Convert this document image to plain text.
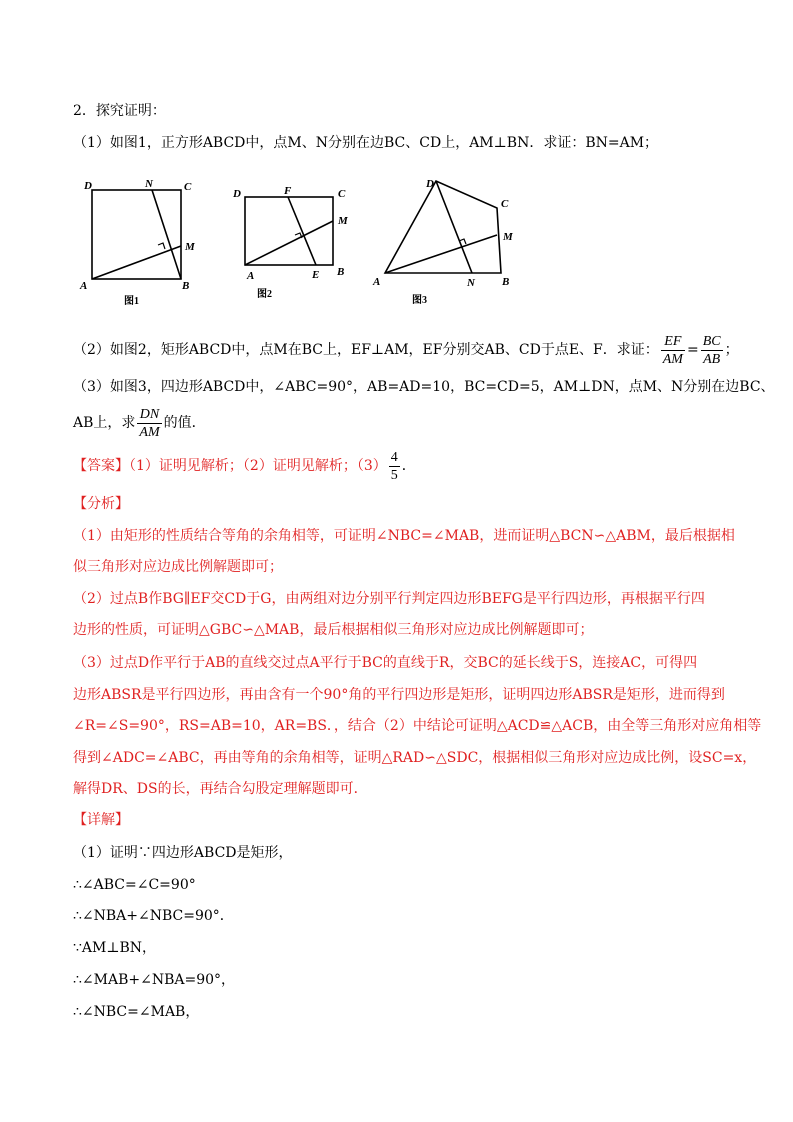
2．探究证明：
（1）如图1，正方形ABCD中，点M、N分别在边BC、CD上，AM⊥BN．求证：BN=AM；
D	N	C
M
A	B
图1
D	F	C
M
A	E B
图2
D
C
M
A	N B
图3
（2）如图2，矩形ABCD中，点M在BC上，EF⊥AM，EF分别交AB、CD于点E、F．求证： $\frac{EF}{AM} = \frac{BC}{AB}$ ；
（3）如图3，四边形ABCD中，∠ABC=90°，AB=AD=10，BC=CD=5，AM⊥DN，点M、N分别在边BC、
AB上，求 $\frac{DN}{AM}$ 的值．
【答案】（1）证明见解析；（2）证明见解析；$(3) \frac{4}{5}$ ．
【分析】
（1）由矩形的性质结合等角的余角相等，可证明∠NBC=∠MAB，进而证明△BCN∽△ABM，最后根据相
似三角形对应边成比例解题即可；
（2）过点B作BG∥EF交CD于G，由两组对边分别平行判定四边形BEFG是平行四边形，再根据平行四
边形的性质，可证明△GBC∽△MAB，最后根据相似三角形对应边成比例解题即可；
（3）过点D作平行于AB的直线交过点A平行于BC的直线于R，交BC的延长线于S，连接AC，可得四
边形ABSR是平行四边形，再由含有一个90°角的平行四边形是矩形，证明四边形ABSR是矩形，进而得到
∠R=∠S=90°，RS=AB=10，AR=BS．，结合（2）中结论可证明△ACD≌△ACB，由全等三角形对应角相等
得到∠ADC=∠ABC，再由等角的余角相等，证明△RAD∽△SDC，根据相似三角形对应边成比例，设SC=x，
解得DR、DS的长，再结合勾股定理解题即可．
【详解】
（1）证明∵四边形ABCD是矩形，
∴∠ABC=∠C=90°
∴∠NBA+∠NBC=90°．
∵AM⊥BN，
∴∠MAB+∠NBA=90°，
∴∠NBC=∠MAB，
